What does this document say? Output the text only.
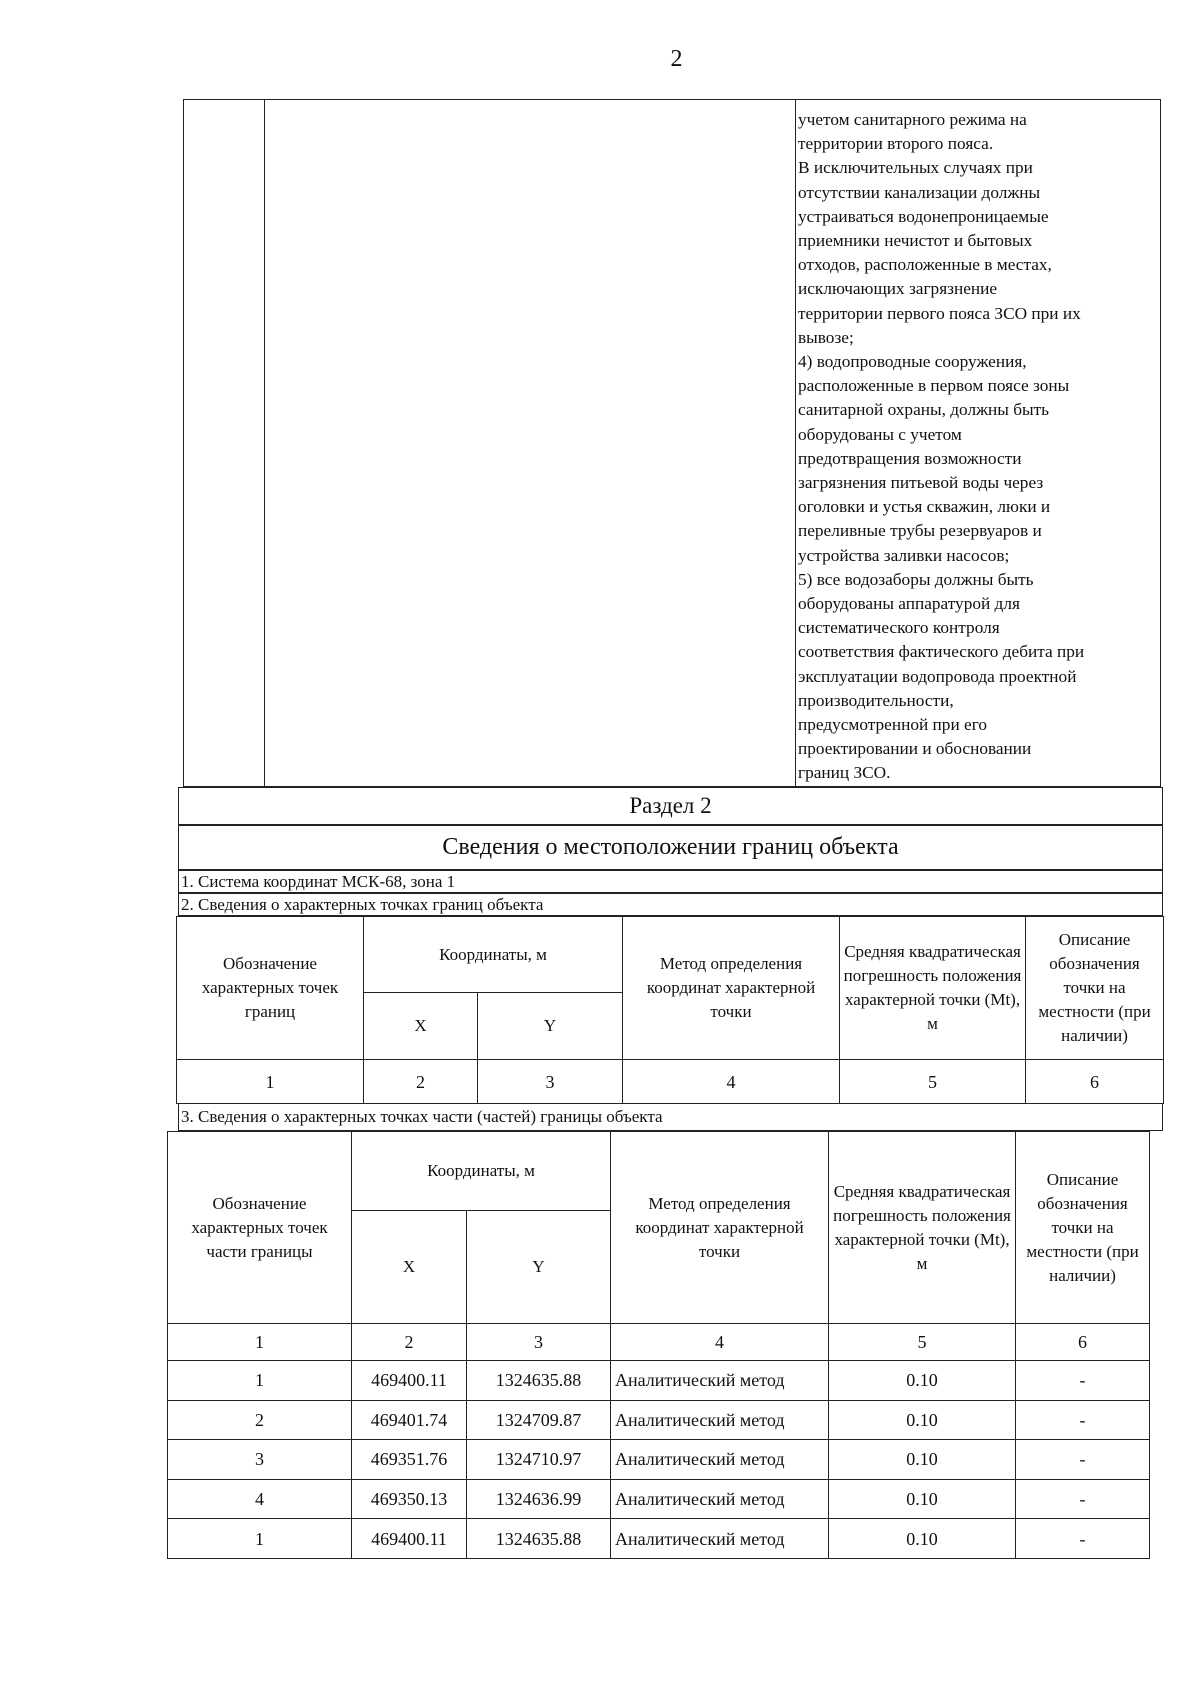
2
учетом санитарного режима на
территории второго пояса.
В исключительных случаях при
отсутствии канализации должны
устраиваться водонепроницаемые
приемники нечистот и бытовых
отходов, расположенные в местах,
исключающих загрязнение
территории первого пояса ЗСО при их
вывозе;
4) водопроводные сооружения,
расположенные в первом поясе зоны
санитарной охраны, должны быть
оборудованы с учетом
предотвращения возможности
загрязнения питьевой воды через
оголовки и устья скважин, люки и
переливные трубы резервуаров и
устройства заливки насосов;
5) все водозаборы должны быть
оборудованы аппаратурой для
систематического контроля
соответствия фактического дебита при
эксплуатации водопровода проектной
производительности,
предусмотренной при его
проектировании и обосновании
границ ЗСО.
Раздел 2
Сведения о местоположении границ объекта
1. Система координат МСК-68, зона 1
2. Сведения о характерных точках границ объекта
Обозначение характерных точек границ	Координаты, м		Метод определения координат характерной точки	Средняя квадратическая погрешность положения характерной точки (Mt), м	Описание обозначения точки на местности (при наличии)
	X	Y			
1	2	3	4	5	6
3. Сведения о характерных точках части (частей) границы объекта
Обозначение характерных точек части границы	Координаты, м		Метод определения координат характерной точки	Средняя квадратическая погрешность положения характерной точки (Mt), м	Описание обозначения точки на местности (при наличии)
	X	Y			
1	2	3	4	5	6
1	469400.11	1324635.88	Аналитический метод	0.10	-
2	469401.74	1324709.87	Аналитический метод	0.10	-
3	469351.76	1324710.97	Аналитический метод	0.10	-
4	469350.13	1324636.99	Аналитический метод	0.10	-
1	469400.11	1324635.88	Аналитический метод	0.10	-
